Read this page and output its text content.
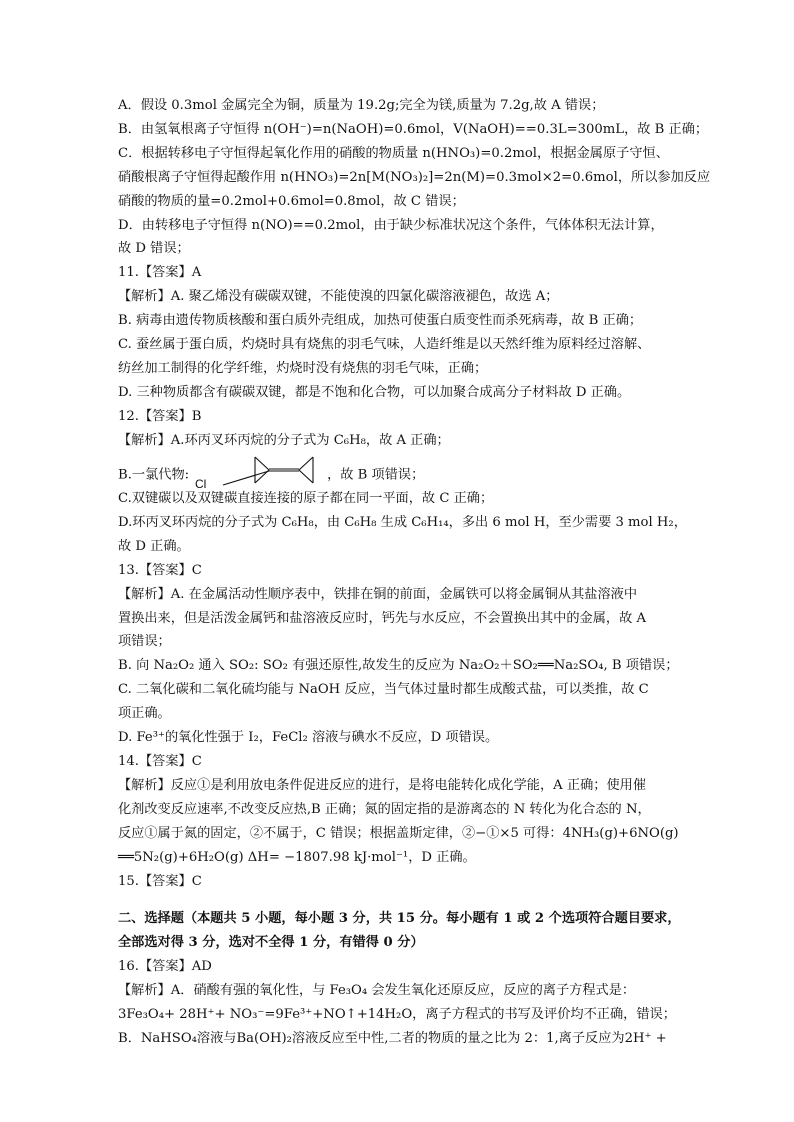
A．假设 0.3mol 金属完全为铜，质量为 19.2g;完全为镁,质量为 7.2g,故 A 错误；
B．由氢氧根离子守恒得 n(OH⁻)=n(NaOH)=0.6mol，V(NaOH)==0.3L=300mL，故 B 正确；
C．根据转移电子守恒得起氧化作用的硝酸的物质量 n(HNO₃)=0.2mol，根据金属原子守恒、
硝酸根离子守恒得起酸作用 n(HNO₃)=2n[M(NO₃)₂]=2n(M)=0.3mol×2=0.6mol，所以参加反应
硝酸的物质的量=0.2mol+0.6mol=0.8mol，故 C 错误；
D．由转移电子守恒得 n(NO)==0.2mol，由于缺少标准状况这个条件，气体体积无法计算，
故 D 错误；
11.【答案】A
【解析】A. 聚乙烯没有碳碳双键，不能使溴的四氯化碳溶液褪色，故选 A；
B. 病毒由遗传物质核酸和蛋白质外壳组成，加热可使蛋白质变性而杀死病毒，故 B 正确；
C. 蚕丝属于蛋白质，灼烧时具有烧焦的羽毛气味，人造纤维是以天然纤维为原料经过溶解、
纺丝加工制得的化学纤维，灼烧时没有烧焦的羽毛气味，正确；
D. 三种物质都含有碳碳双键，都是不饱和化合物，可以加聚合成高分子材料故 D 正确。
12.【答案】B
【解析】A.环丙叉环丙烷的分子式为 C₆H₈，故 A 正确；
B.一氯代物:
Cl
，故 B 项错误；
C.双键碳以及双键碳直接连接的原子都在同一平面，故 C 正确；
D.环丙叉环丙烷的分子式为 C₆H₈，由 C₆H₈ 生成 C₆H₁₄，多出 6 mol H，至少需要 3 mol H₂，
故 D 正确。
13.【答案】C
【解析】A. 在金属活动性顺序表中，铁排在铜的前面，金属铁可以将金属铜从其盐溶液中
置换出来，但是活泼金属钙和盐溶液反应时，钙先与水反应，不会置换出其中的金属，故 A
项错误；
B. 向 Na₂O₂ 通入 SO₂: SO₂ 有强还原性,故发生的反应为 Na₂O₂＋SO₂══Na₂SO₄, B 项错误；
C. 二氧化碳和二氧化硫均能与 NaOH 反应，当气体过量时都生成酸式盐，可以类推，故 C
项正确。
D. Fe³⁺的氧化性强于 I₂，FeCl₂ 溶液与碘水不反应，D 项错误。
14.【答案】C
【解析】反应①是利用放电条件促进反应的进行，是将电能转化成化学能，A 正确；使用催
化剂改变反应速率,不改变反应热,B 正确；氮的固定指的是游离态的 N 转化为化合态的 N，
反应①属于氮的固定，②不属于，C 错误；根据盖斯定律，②−①×5 可得：4NH₃(g)+6NO(g)
══5N₂(g)+6H₂O(g) ΔH= −1807.98 kJ·mol⁻¹，D 正确。
15.【答案】C
二、选择题（本题共 5 小题，每小题 3 分，共 15 分。每小题有 1 或 2 个选项符合题目要求，
全部选对得 3 分，选对不全得 1 分，有错得 0 分）
16.【答案】AD
【解析】A．硝酸有强的氧化性，与 Fe₃O₄ 会发生氧化还原反应，反应的离子方程式是：
3Fe₃O₄+ 28H⁺+ NO₃⁻=9Fe³⁺+NO↑+14H₂O，离子方程式的书写及评价均不正确，错误；
B．NaHSO₄溶液与Ba(OH)₂溶液反应至中性,二者的物质的量之比为 2：1,离子反应为2H⁺ +
